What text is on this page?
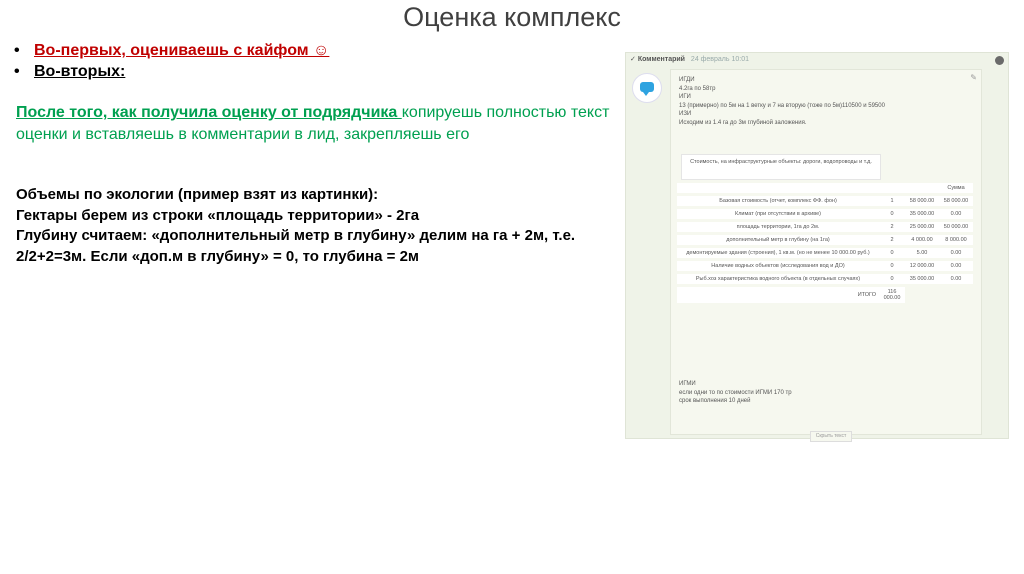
Оценка комплекс
• Во-первых, оцениваешь с кайфом ☺
• Во-вторых:
После того, как получила оценку от подрядчика копируешь полностью текст оценки и вставляешь в комментарии в лид, закрепляешь его
Объемы по экологии (пример взят из картинки):
Гектары берем из строки «площадь территории» - 2га
Глубину считаем: «дополнительный метр в глубину» делим на га + 2м, т.е.
2/2+2=3м. Если «доп.м в глубину» = 0, то глубина = 2м
✓ Комментарий 24 февраль 10:01
✎
ИГДИ
4.2га по 58тр
ИГИ
13 (примерно) по 5м на 1 ветку и 7 на вторую (тоже по 5м)110500 и 59500
ИЗИ
Исходим из 1.4 га до 3м глубиной заложения.
Стоимость, на инфраструктурные объекты: дороги, водопроводы и т.д.
			Сумма
Базовая стоимость (отчет, комплекс ФФ. фон)	1	58 000.00	58 000.00
Климат (при отсутствии в архиве)	0	35 000.00	0.00
площадь территории, 1га до 2м.	2	25 000.00	50 000.00
дополнительный метр в глубину (на 1га)	2	4 000.00	8 000.00
демонтируемые здания (строения), 1 кв.м. (но не менее 10 000.00 руб.)	0	5.00	0.00
Наличие водных объектов (исследования вод и ДО)	0	12 000.00	0.00
Рыб.хоз характеристика водного объекта (в отдельных случаях)	0	35 000.00	0.00
ИТОГО	116 000.00		
ИГМИ
если одни то по стоимости ИГМИ 170 тр
срок выполнения 10 дней
Скрыть текст
